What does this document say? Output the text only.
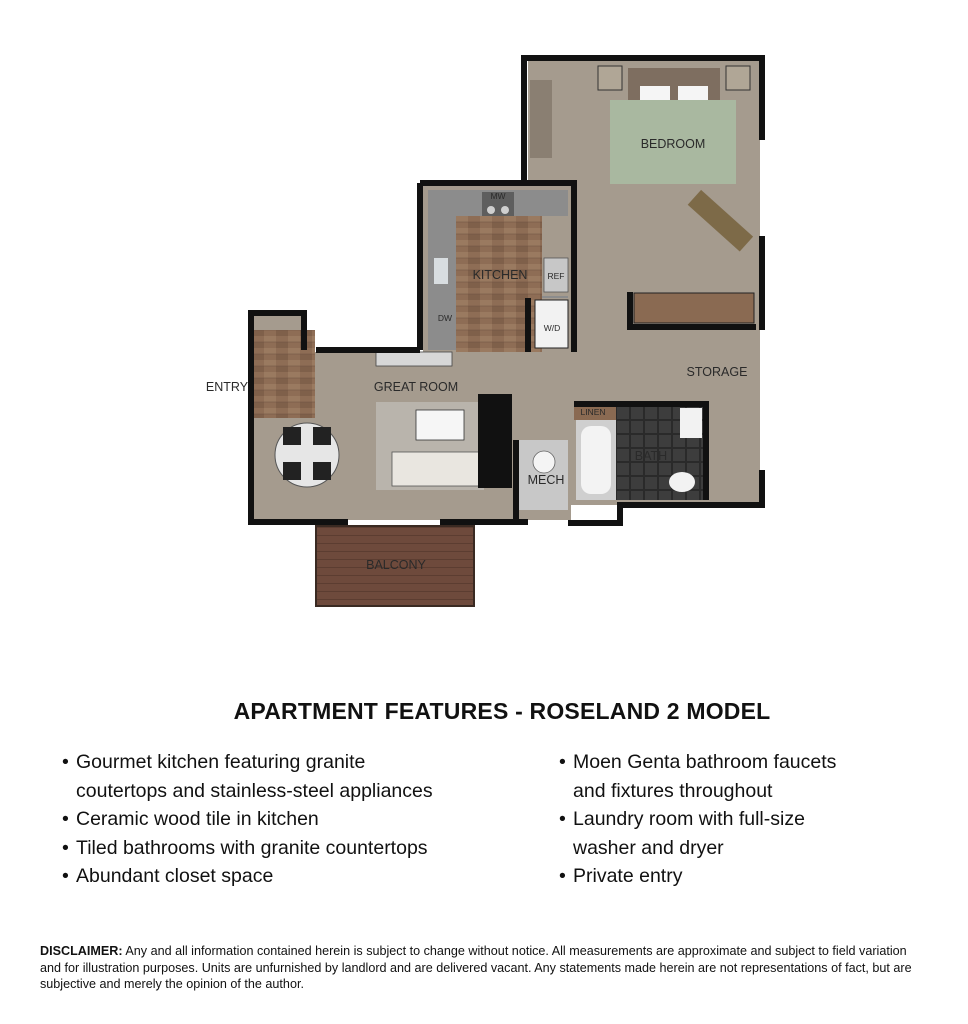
BEDROOM
KITCHEN
GREAT ROOM
ENTRY
STORAGE
BATH
MECH
BALCONY
LINEN
W/D
MW
REF
DW
APARTMENT FEATURES - ROSELAND 2 MODEL
• Gourmet kitchen featuring granite
coutertops and stainless-steel appliances
• Ceramic wood tile in kitchen
• Tiled bathrooms with granite countertops
• Abundant closet space
• Moen Genta bathroom faucets
and fixtures throughout
• Laundry room with full-size
washer and dryer
• Private entry

DISCLAIMER: Any and all information contained herein is subject to change without notice. All measurements are approximate and subject to field variation and for illustration purposes. Units are unfurnished by landlord and are delivered vacant. Any statements made herein are not representations of fact, but are subjective and merely the opinion of the author.
